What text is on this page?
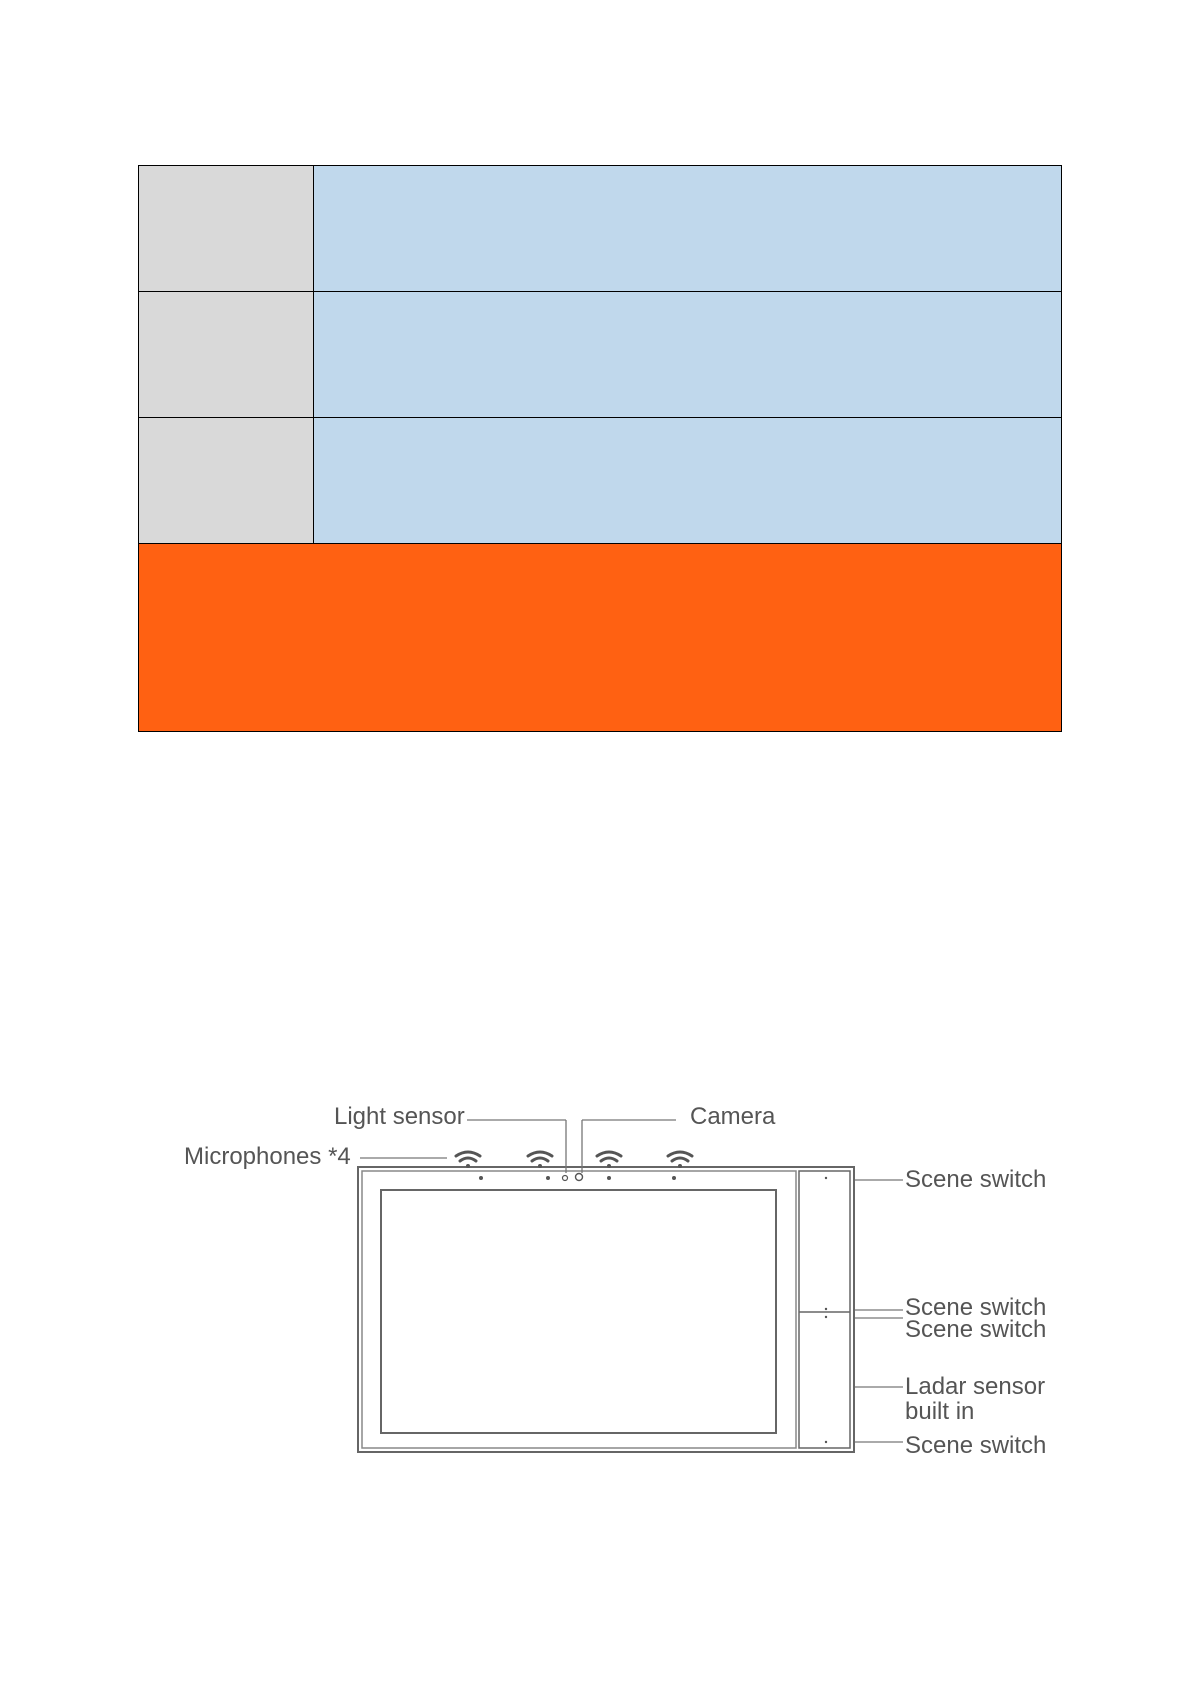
Light sensor	Camera
Microphones *4
Scene switch
Scene switch
Scene switch
Ladar sensor
built in
Scene switch
